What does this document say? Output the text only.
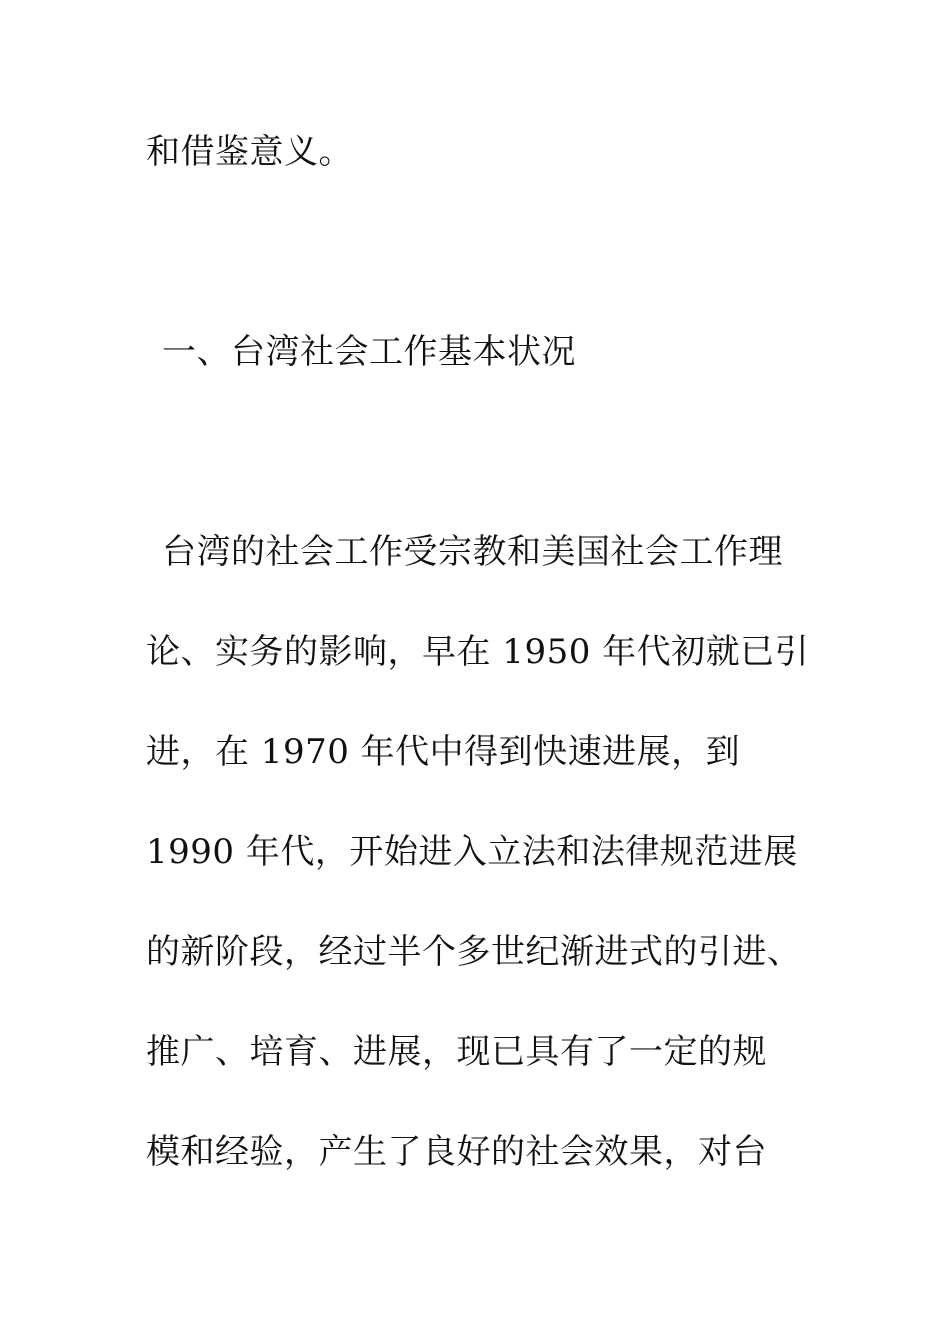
和借鉴意义。
一、台湾社会工作基本状况
台湾的社会工作受宗教和美国社会工作理
论、实务的影响，早在 1950 年代初就已引
进，在 1970 年代中得到快速进展，到
1990 年代，开始进入立法和法律规范进展
的新阶段，经过半个多世纪渐进式的引进、
推广、培育、进展，现已具有了一定的规
模和经验，产生了良好的社会效果，对台
